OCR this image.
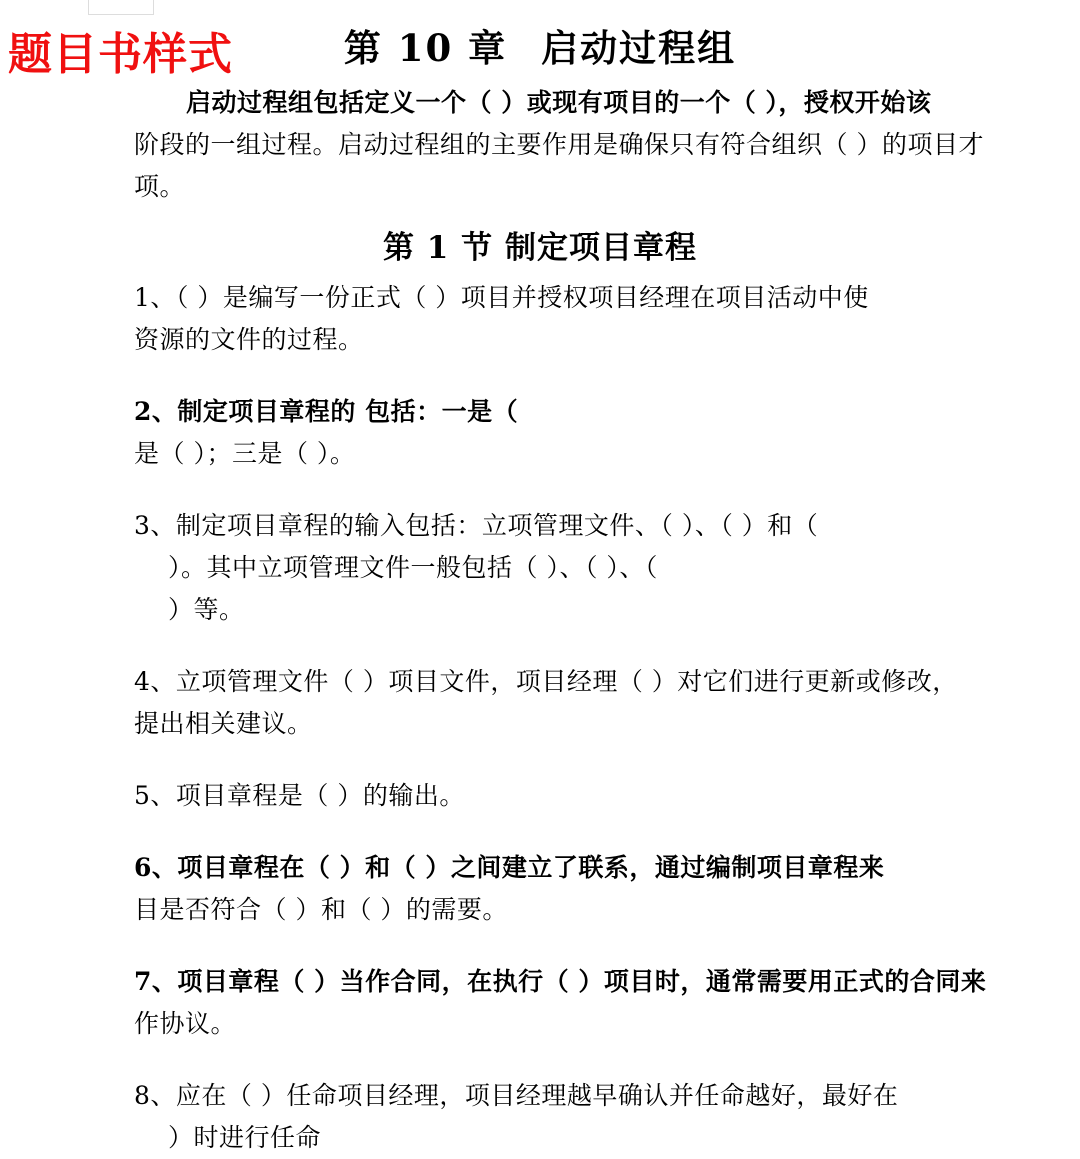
题目书样式	第 10 章 启动过程组

启动过程组包括定义一个（ ）或现有项目的一个（ ），授权开始该

阶段的一组过程。启动过程组的主要作用是确保只有符合组织（ ）的项目才

项。

第 1 节 制定项目章程

1、（ ）是编写一份正式（ ）项目并授权项目经理在项目活动中使

资源的文件的过程。

2、制定项目章程的 包括：一是（

是（ ）；三是（ ）。

3、制定项目章程的输入包括：立项管理文件、（ ）、（ ）和（

）。其中立项管理文件一般包括（ ）、（ ）、（

）等。

4、立项管理文件（ ）项目文件，项目经理（ ）对它们进行更新或修改，

提出相关建议。

5、项目章程是（ ）的输出。

6、项目章程在（ ）和（ ）之间建立了联系，通过编制项目章程来

目是否符合（ ）和（ ）的需要。

7、项目章程（ ）当作合同，在执行（ ）项目时，通常需要用正式的合同来

作协议。

8、应在（ ）任命项目经理，项目经理越早确认并任命越好，最好在

）时进行任命
